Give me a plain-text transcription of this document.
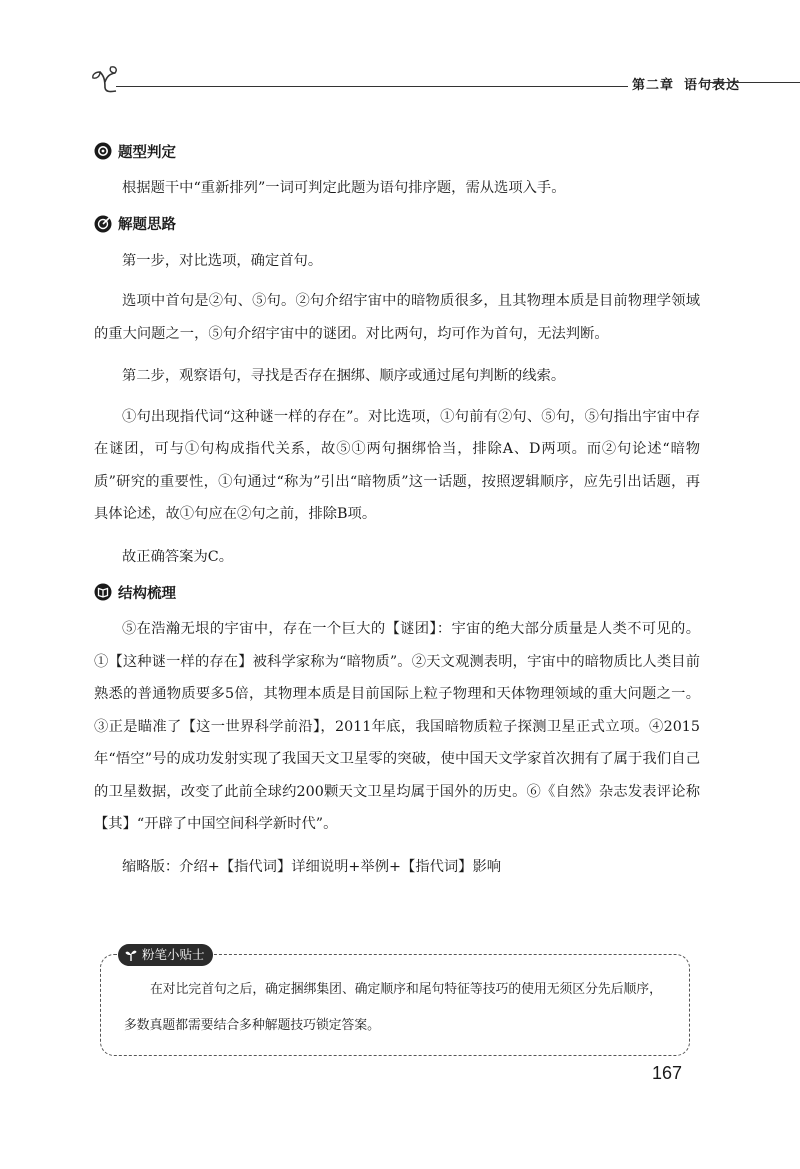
第二章 语句表达
题型判定

根据题干中“重新排列”一词可判定此题为语句排序题，需从选项入手。

解题思路

第一步，对比选项，确定首句。

选项中首句是②句、⑤句。②句介绍宇宙中的暗物质很多，且其物理本质是目前物理学领域的重大问题之一，⑤句介绍宇宙中的谜团。对比两句，均可作为首句，无法判断。

第二步，观察语句，寻找是否存在捆绑、顺序或通过尾句判断的线索。

①句出现指代词“这种谜一样的存在”。对比选项，①句前有②句、⑤句，⑤句指出宇宙中存在谜团，可与①句构成指代关系，故⑤①两句捆绑恰当，排除A、D两项。而②句论述“暗物质”研究的重要性，①句通过“称为”引出“暗物质”这一话题，按照逻辑顺序，应先引出话题，再具体论述，故①句应在②句之前，排除B项。

故正确答案为C。

结构梳理

⑤在浩瀚无垠的宇宙中，存在一个巨大的【谜团】：宇宙的绝大部分质量是人类不可见的。①【这种谜一样的存在】被科学家称为“暗物质”。②天文观测表明，宇宙中的暗物质比人类目前熟悉的普通物质要多5倍，其物理本质是目前国际上粒子物理和天体物理领域的重大问题之一。③正是瞄准了【这一世界科学前沿】，2011年底，我国暗物质粒子探测卫星正式立项。④2015年“悟空”号的成功发射实现了我国天文卫星零的突破，使中国天文学家首次拥有了属于我们自己的卫星数据，改变了此前全球约200颗天文卫星均属于国外的历史。⑥《自然》杂志发表评论称【其】“开辟了中国空间科学新时代”。

缩略版：介绍+【指代词】详细说明+举例+【指代词】影响

粉笔小贴士

在对比完首句之后，确定捆绑集团、确定顺序和尾句特征等技巧的使用无须区分先后顺序，多数真题都需要结合多种解题技巧锁定答案。

167
